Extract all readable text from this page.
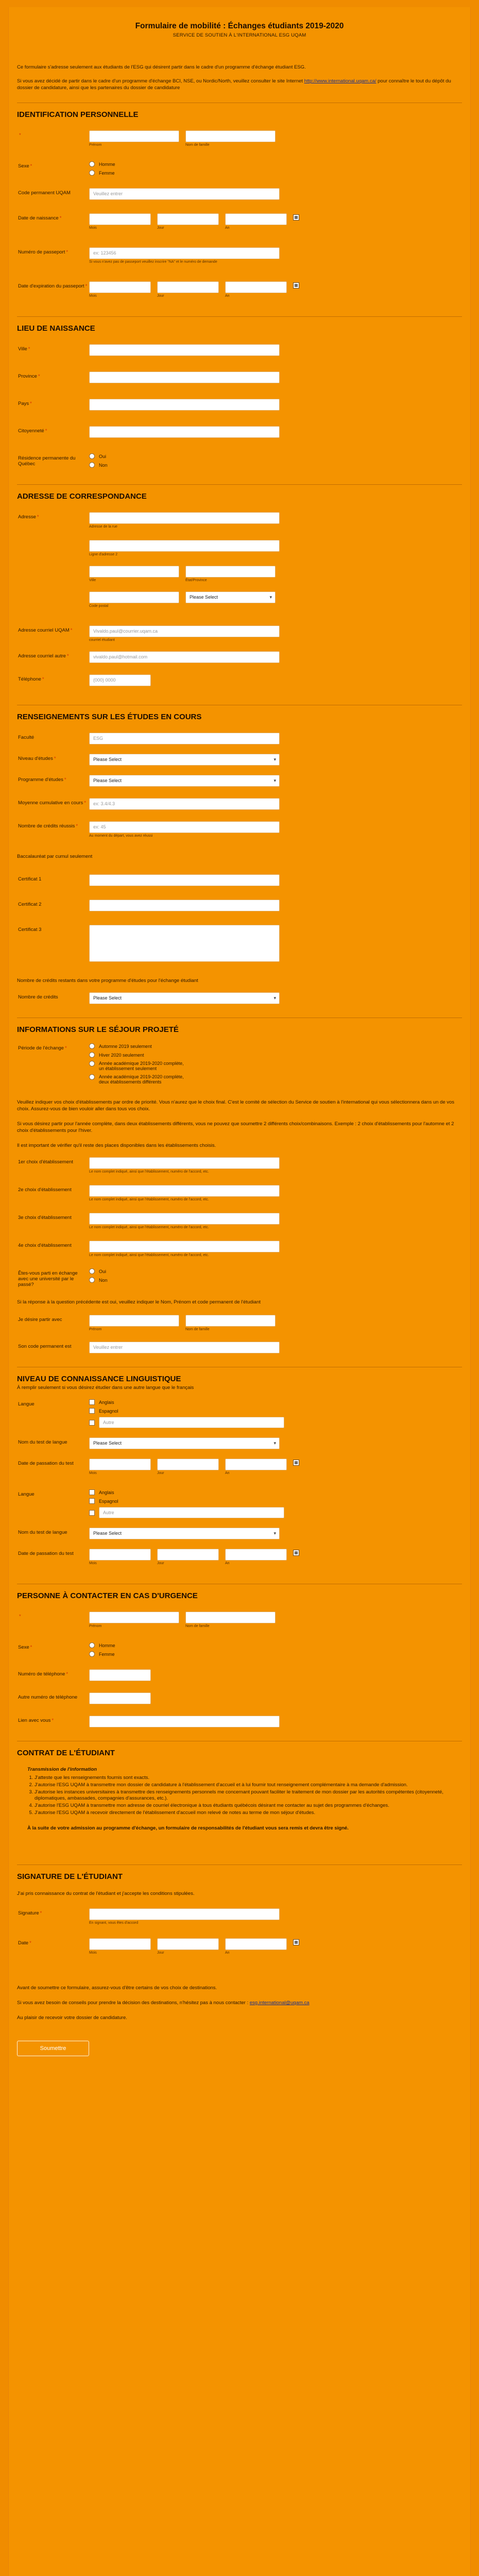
Formulaire de mobilité : Échanges étudiants 2019-2020
SERVICE DE SOUTIEN À L'INTERNATIONAL ESG UQAM

Ce formulaire s'adresse seulement aux étudiants de l'ESG qui désirent partir dans le cadre d'un programme d'échange étudiant ESG.

Si vous avez décidé de partir dans le cadre d'un programme d'échange BCI, NSE, ou Nordic/North, veuillez consulter le site Internet http://www.international.uqam.ca/ pour connaître le tout du dépôt du dossier de candidature, ainsi que les partenaires du dossier de candidature

IDENTIFICATION PERSONNELLE
*
Prénom	Nom de famille
Sexe *	Homme
Femme
Code permanent UQAM	Veuillez entrer
Date de naissance *
Mois	Jour	An
▦
Numéro de passeport *	ex: 123456
Si vous n'avez pas de passeport veuillez inscrire "NA" et le numéro de demande
Date d'expiration du passeport *
Mois	Jour	An
▦
LIEU DE NAISSANCE
Ville *
Province *
Pays *
Citoyenneté *
Résidence permanente du Québec
Oui
Non
ADRESSE DE CORRESPONDANCE
Adresse *
Adresse de la rue
Ligne d'adresse 2
Ville	État/Province
Code postal
Please Select ▾
Adresse courriel UQAM *	Vivaldo.paul@courrier.uqam.ca
courriel étudiant
Adresse courriel autre *	vivaldo.paul@hotmail.com
Téléphone *	(000) 0000
RENSEIGNEMENTS SUR LES ÉTUDES EN COURS
Faculté	ESG
Niveau d'études *	Please Select ▾
Programme d'études *	Please Select ▾
Moyenne cumulative en cours *	ex: 3.4/4.3
Nombre de crédits réussis *	ex: 45
Au moment du départ, vous avez réussi
Baccalauréat par cumul seulement
Certificat 1
Certificat 2
Certificat 3
Nombre de crédits restants dans votre programme d'études pour l'échange étudiant
Nombre de crédits	Please Select ▾
INFORMATIONS SUR LE SÉJOUR PROJETÉ
Période de l'échange *	Automne 2019 seulement
Hiver 2020 seulement
Année académique 2019-2020 complète, un établissement seulement
Année académique 2019-2020 complète, deux établissements différents
Veuillez indiquer vos choix d'établissements par ordre de priorité. Vous n'aurez que le choix final. C'est le comité de sélection du Service de soutien à l'international qui vous sélectionnera dans un de vos choix. Assurez-vous de bien vouloir aller dans tous vos choix.
Si vous désirez partir pour l'année complète, dans deux établissements différents, vous ne pouvez que soumettre 2 différents choix/combinaisons. Exemple : 2 choix d'établissements pour l'automne et 2 choix d'établissements pour l'hiver.
Il est important de vérifier qu'il reste des places disponibles dans les établissements choisis.
1er choix d'établissement
Le nom complet indiqué, ainsi que l'établissement, numéro de l'accord, etc.
2e choix d'établissement
Le nom complet indiqué, ainsi que l'établissement, numéro de l'accord, etc.
3e choix d'établissement
Le nom complet indiqué, ainsi que l'établissement, numéro de l'accord, etc.
4e choix d'établissement
Le nom complet indiqué, ainsi que l'établissement, numéro de l'accord, etc.
Êtes-vous parti en échange avec une université par le passé?
Oui
Non
Si la réponse à la question précédente est oui, veuillez indiquer le Nom, Prénom et code permanent de l'étudiant
Je désire partir avec
Prénom	Nom de famille
Son code permanent est	Veuillez entrer
NIVEAU DE CONNAISSANCE LINGUISTIQUE
À remplir seulement si vous désirez étudier dans une autre langue que le français
Langue	Anglais
Espagnol
Autre
Nom du test de langue	Please Select ▾
Date de passation du test
Mois	Jour	An
▦
Langue	Anglais
Espagnol
Autre
Nom du test de langue	Please Select ▾
Date de passation du test
Mois	Jour	An
▦
PERSONNE À CONTACTER EN CAS D'URGENCE
*
Prénom	Nom de famille
Sexe *	Homme
Femme
Numéro de téléphone *
Autre numéro de téléphone
Lien avec vous *
CONTRAT DE L'ÉTUDIANT
Transmission de l'information
1. J'atteste que les renseignements fournis sont exacts.
2. J'autorise l'ESG UQAM à transmettre mon dossier de candidature à l'établissement d'accueil et à lui fournir tout renseignement complémentaire à ma demande d'admission.
3. J'autorise les instances universitaires à transmettre des renseignements personnels me concernant pouvant faciliter le traitement de mon dossier par les autorités compétentes (citoyenneté, diplomatiques, ambassades, compagnies d'assurances, etc.).
4. J'autorise l'ESG UQAM à transmettre mon adresse de courriel électronique à tous étudiants québécois désirant me contacter au sujet des programmes d'échanges.
5. J'autorise l'ESG UQAM à recevoir directement de l'établissement d'accueil mon relevé de notes au terme de mon séjour d'études.
À la suite de votre admission au programme d'échange, un formulaire de responsabilités de l'étudiant vous sera remis et devra être signé.
SIGNATURE DE L'ÉTUDIANT
J'ai pris connaissance du contrat de l'étudiant et j'accepte les conditions stipulées.
Signature *
En signant, vous êtes d'accord
Date *
Mois	Jour	An
▦
Avant de soumettre ce formulaire, assurez-vous d'être certains de vos choix de destinations.
Si vous avez besoin de conseils pour prendre la décision des destinations, n'hésitez pas à nous contacter : esg.international@uqam.ca
Au plaisir de recevoir votre dossier de candidature.
Soumettre
